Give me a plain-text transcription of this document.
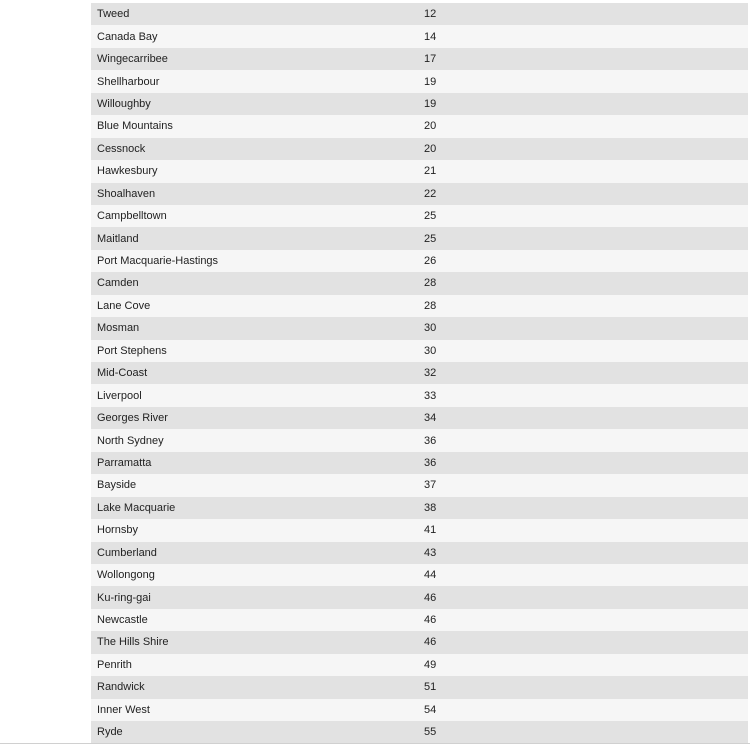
Tweed	12
Canada Bay	14
Wingecarribee	17
Shellharbour	19
Willoughby	19
Blue Mountains	20
Cessnock	20
Hawkesbury	21
Shoalhaven	22
Campbelltown	25
Maitland	25
Port Macquarie-Hastings	26
Camden	28
Lane Cove	28
Mosman	30
Port Stephens	30
Mid-Coast	32
Liverpool	33
Georges River	34
North Sydney	36
Parramatta	36
Bayside	37
Lake Macquarie	38
Hornsby	41
Cumberland	43
Wollongong	44
Ku-ring-gai	46
Newcastle	46
The Hills Shire	46
Penrith	49
Randwick	51
Inner West	54
Ryde	55
